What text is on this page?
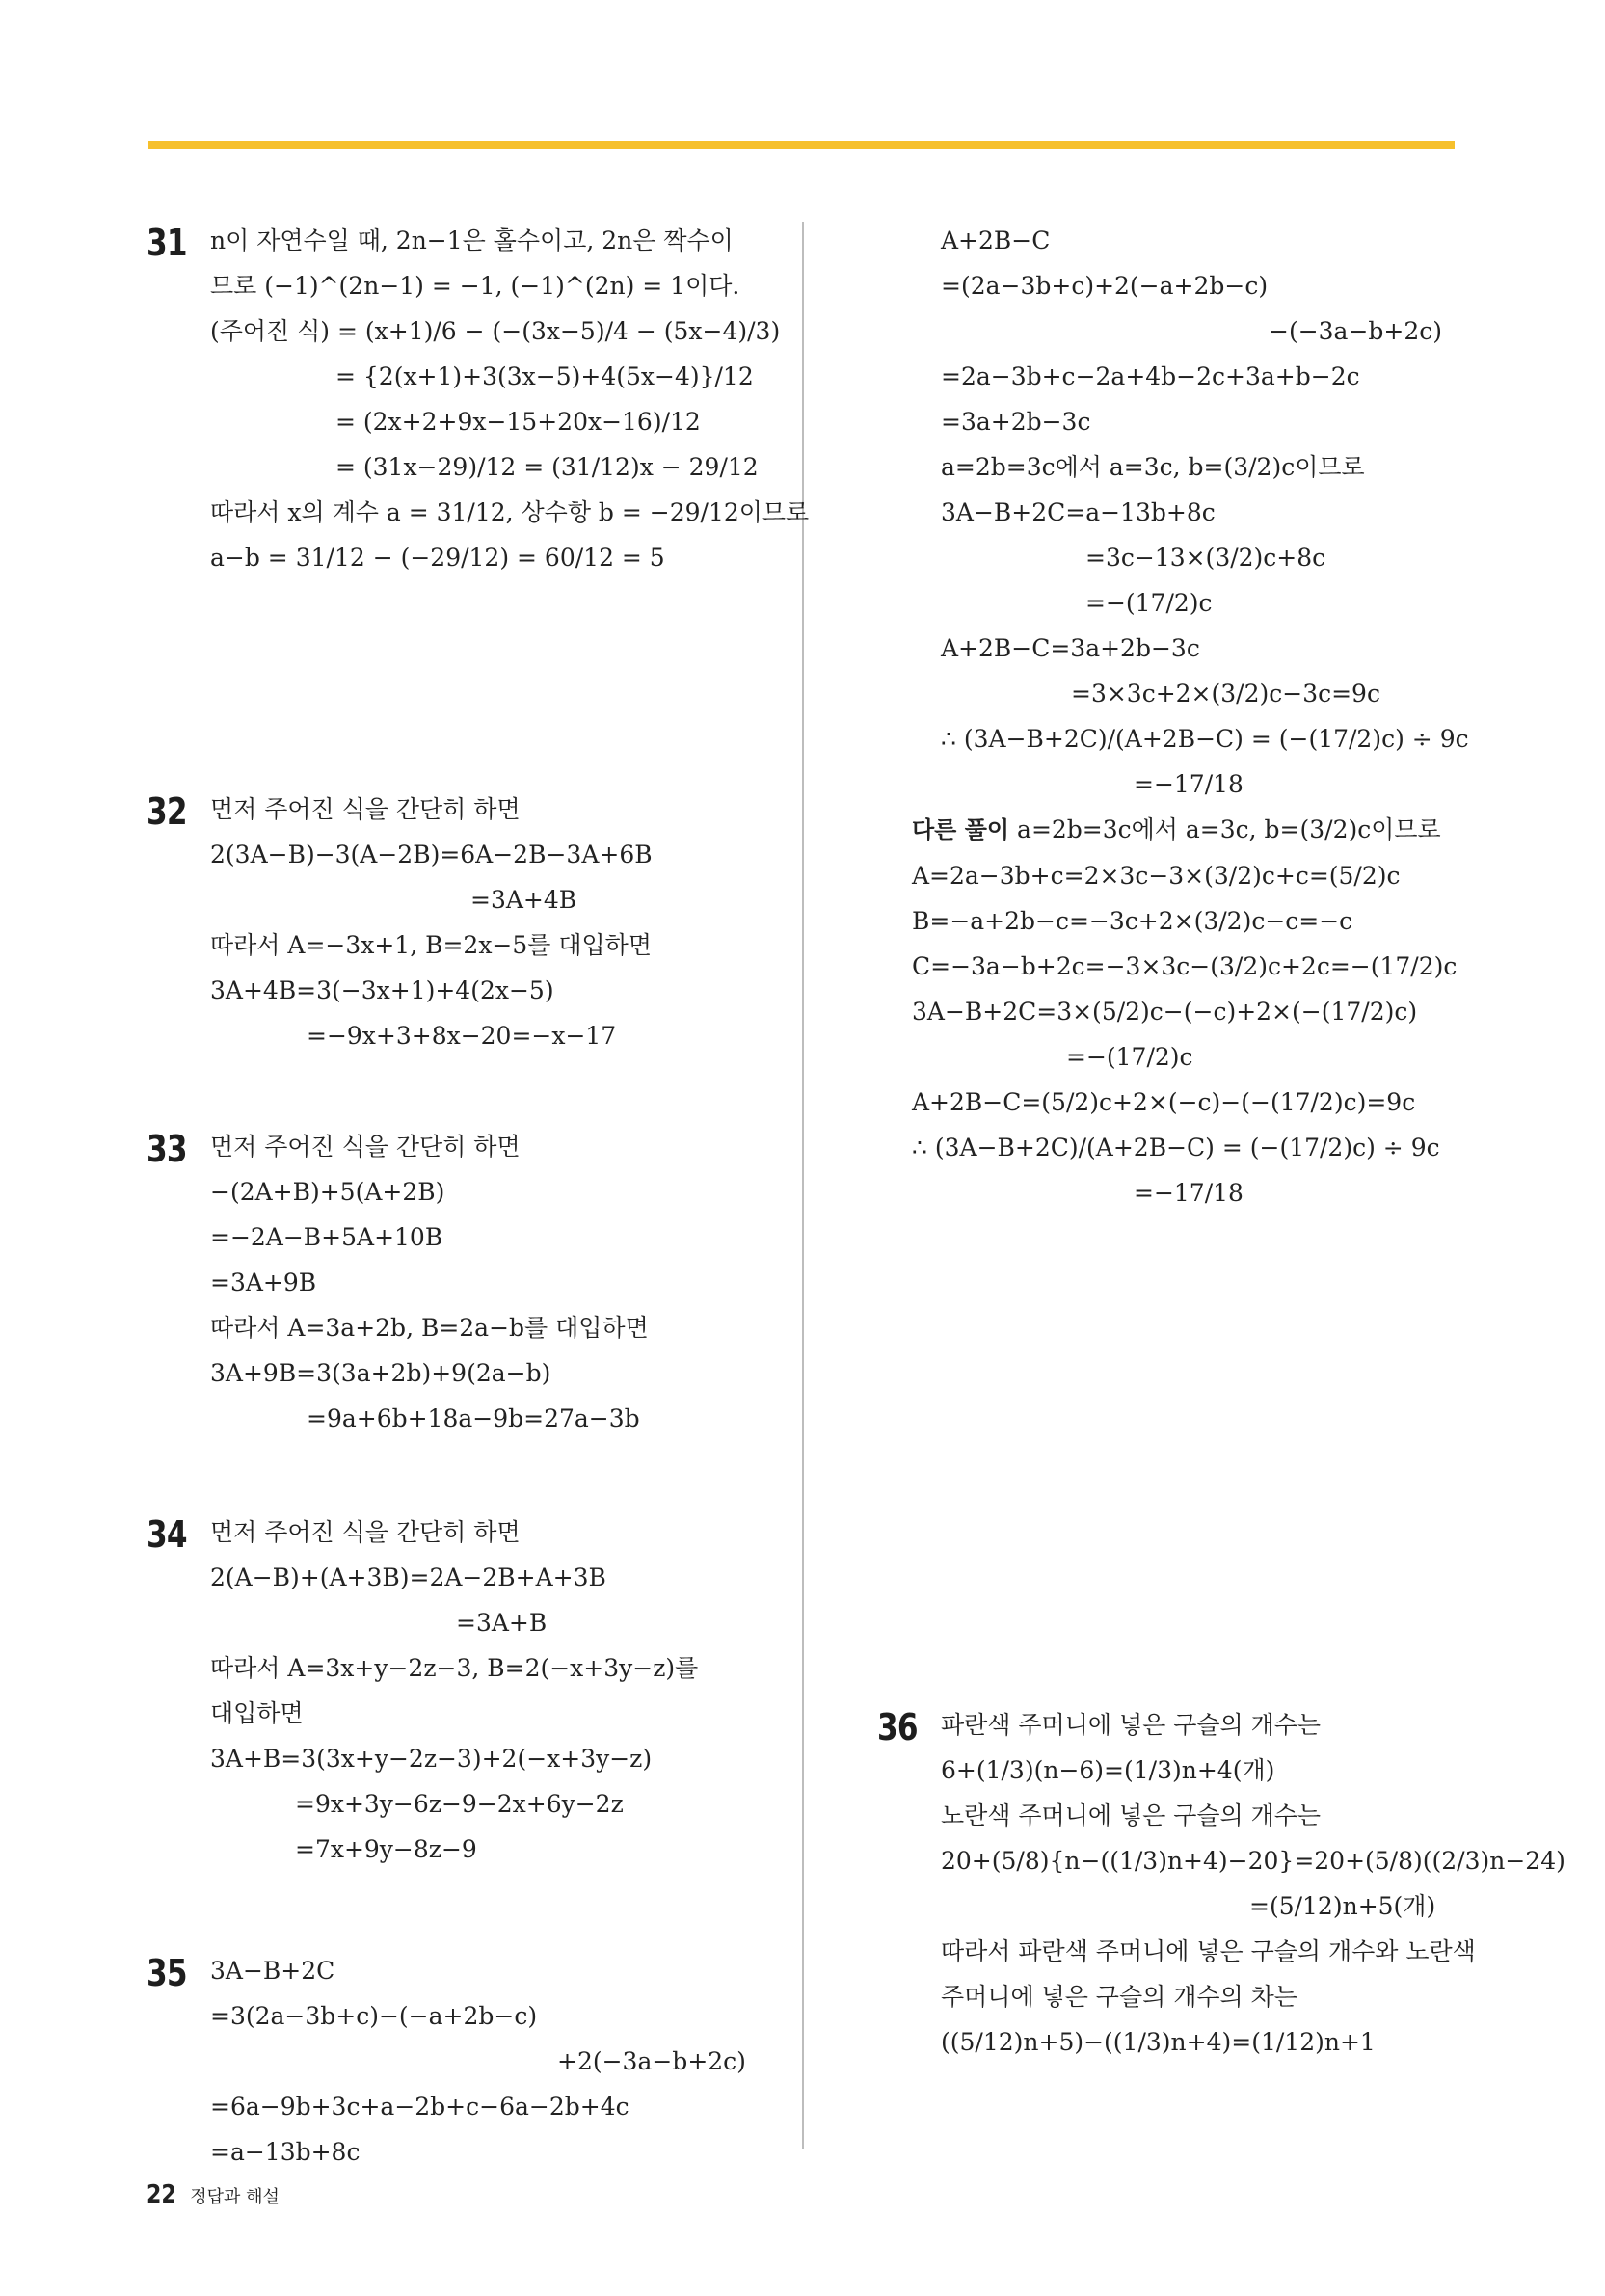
31 n이 자연수일 때, 2n−1은 홀수이고, 2n은 짝수이
므로 (−1)^(2n−1) = −1, (−1)^(2n) = 1이다.
(주어진 식) = (x+1)/6 − (−(3x−5)/4 − (5x−4)/3)
= {2(x+1)+3(3x−5)+4(5x−4)}/12
= (2x+2+9x−15+20x−16)/12
= (31x−29)/12 = (31/12)x − 29/12
따라서 x의 계수 a = 31/12, 상수항 b = −29/12이므로
a−b = 31/12 − (−29/12) = 60/12 = 5
32 먼저 주어진 식을 간단히 하면
2(3A−B)−3(A−2B)=6A−2B−3A+6B
=3A+4B
따라서 A=−3x+1, B=2x−5를 대입하면
3A+4B=3(−3x+1)+4(2x−5)
=−9x+3+8x−20=−x−17
33 먼저 주어진 식을 간단히 하면
−(2A+B)+5(A+2B)
=−2A−B+5A+10B
=3A+9B
따라서 A=3a+2b, B=2a−b를 대입하면
3A+9B=3(3a+2b)+9(2a−b)
=9a+6b+18a−9b=27a−3b
34 먼저 주어진 식을 간단히 하면
2(A−B)+(A+3B)=2A−2B+A+3B
=3A+B
따라서 A=3x+y−2z−3, B=2(−x+3y−z)를
대입하면
3A+B=3(3x+y−2z−3)+2(−x+3y−z)
=9x+3y−6z−9−2x+6y−2z
=7x+9y−8z−9
35 3A−B+2C
=3(2a−3b+c)−(−a+2b−c)
+2(−3a−b+2c)
=6a−9b+3c+a−2b+c−6a−2b+4c
=a−13b+8c
A+2B−C
=(2a−3b+c)+2(−a+2b−c)
−(−3a−b+2c)
=2a−3b+c−2a+4b−2c+3a+b−2c
=3a+2b−3c
a=2b=3c에서 a=3c, b=(3/2)c이므로
3A−B+2C=a−13b+8c
=3c−13×(3/2)c+8c
=−(17/2)c
A+2B−C=3a+2b−3c
=3×3c+2×(3/2)c−3c=9c
∴ (3A−B+2C)/(A+2B−C) = (−(17/2)c) ÷ 9c
=−17/18
다른 풀이 a=2b=3c에서 a=3c, b=(3/2)c이므로
A=2a−3b+c=2×3c−3×(3/2)c+c=(5/2)c
B=−a+2b−c=−3c+2×(3/2)c−c=−c
C=−3a−b+2c=−3×3c−(3/2)c+2c=−(17/2)c
3A−B+2C=3×(5/2)c−(−c)+2×(−(17/2)c)
=−(17/2)c
A+2B−C=(5/2)c+2×(−c)−(−(17/2)c)=9c
∴ (3A−B+2C)/(A+2B−C) = (−(17/2)c) ÷ 9c
=−17/18
36 파란색 주머니에 넣은 구슬의 개수는
6+(1/3)(n−6)=(1/3)n+4(개)
노란색 주머니에 넣은 구슬의 개수는
20+(5/8){n−((1/3)n+4)−20}=20+(5/8)((2/3)n−24)
=(5/12)n+5(개)
따라서 파란색 주머니에 넣은 구슬의 개수와 노란색
주머니에 넣은 구슬의 개수의 차는
((5/12)n+5)−((1/3)n+4)=(1/12)n+1
22 정답과 해설
